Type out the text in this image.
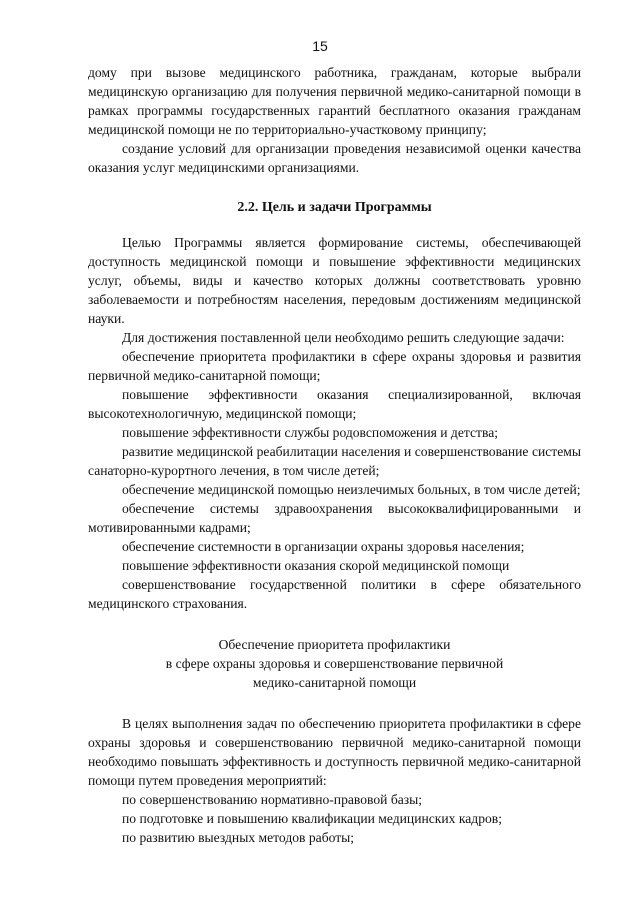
15

дому при вызове медицинского работника, гражданам, которые выбрали медицинскую организацию для получения первичной медико-санитарной помощи в рамках программы государственных гарантий бесплатного оказания гражданам медицинской помощи не по территориально-участковому принципу;

создание условий для организации проведения независимой оценки качества оказания услуг медицинскими организациями.

2.2. Цель и задачи Программы

Целью Программы является формирование системы, обеспечивающей доступность медицинской помощи и повышение эффективности медицинских услуг, объемы, виды и качество которых должны соответствовать уровню заболеваемости и потребностям населения, передовым достижениям медицинской науки.

Для достижения поставленной цели необходимо решить следующие задачи:

обеспечение приоритета профилактики в сфере охраны здоровья и развития первичной медико-санитарной помощи;

повышение эффективности оказания специализированной, включая высокотехнологичную, медицинской помощи;

повышение эффективности службы родовспоможения и детства;

развитие медицинской реабилитации населения и совершенствование системы санаторно-курортного лечения, в том числе детей;

обеспечение медицинской помощью неизлечимых больных, в том числе детей;

обеспечение системы здравоохранения высококвалифицированными и мотивированными кадрами;

обеспечение системности в организации охраны здоровья населения;

повышение эффективности оказания скорой медицинской помощи

совершенствование государственной политики в сфере обязательного медицинского страхования.

Обеспечение приоритета профилактики

в сфере охраны здоровья и совершенствование первичной

медико-санитарной помощи

В целях выполнения задач по обеспечению приоритета профилактики в сфере охраны здоровья и совершенствованию первичной медико-санитарной помощи необходимо повышать эффективность и доступность первичной медико-санитарной помощи путем проведения мероприятий:

по совершенствованию нормативно-правовой базы;

по подготовке и повышению квалификации медицинских кадров;

по развитию выездных методов работы;
